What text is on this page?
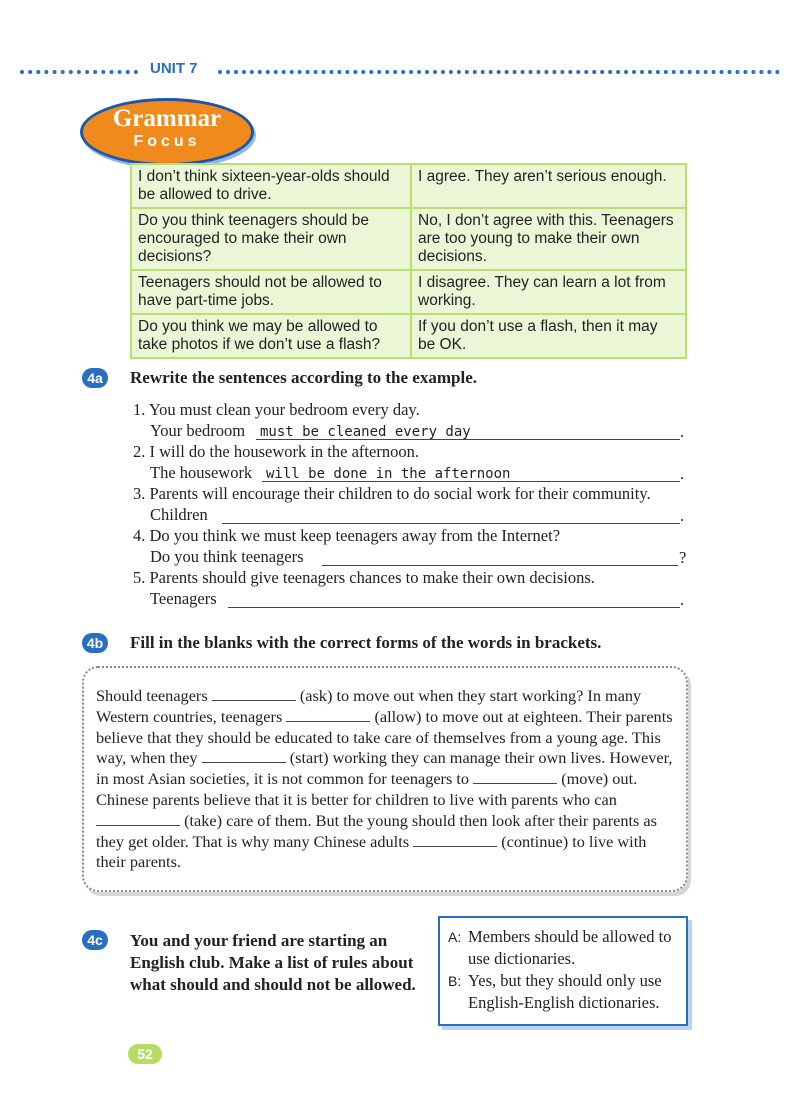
UNIT 7
Grammar
Focus
I don’t think sixteen-year-olds should be allowed to drive.	I agree. They aren’t serious enough.
Do you think teenagers should be encouraged to make their own decisions?	No, I don’t agree with this. Teenagers are too young to make their own decisions.
Teenagers should not be allowed to have part-time jobs.	I disagree. They can learn a lot from working.
Do you think we may be allowed to take photos if we don’t use a flash?	If you don’t use a flash, then it may be OK.
4a	Rewrite the sentences according to the example.
1. You must clean your bedroom every day.
Your bedroom must be cleaned every day	.
2. I will do the housework in the afternoon.
The housework will be done in the afternoon	.
3. Parents will encourage their children to do social work for their community.
Children	.
4. Do you think we must keep teenagers away from the Internet?
Do you think teenagers	?
5. Parents should give teenagers chances to make their own decisions.
Teenagers	.
4b Fill in the blanks with the correct forms of the words in brackets.
Should teenagers	(ask) to move out when they start working? In many Western countries, teenagers	(allow) to move out at eighteen. Their parents believe that they should be educated to take care of themselves from a young age. This way, when they	(start) working they can manage their own lives. However, in most Asian societies, it is not common for teenagers to	(move) out. Chinese parents believe that it is better for children to live with parents who can  (take) care of them. But the young should then look after their parents as they get older. That is why many Chinese adults	(continue) to live with their parents.
4c	You and your friend are starting an English club. Make a list of rules about what should and should not be allowed.
A: Members should be allowed to use dictionaries.
B: Yes, but they should only use English-English dictionaries.
52
